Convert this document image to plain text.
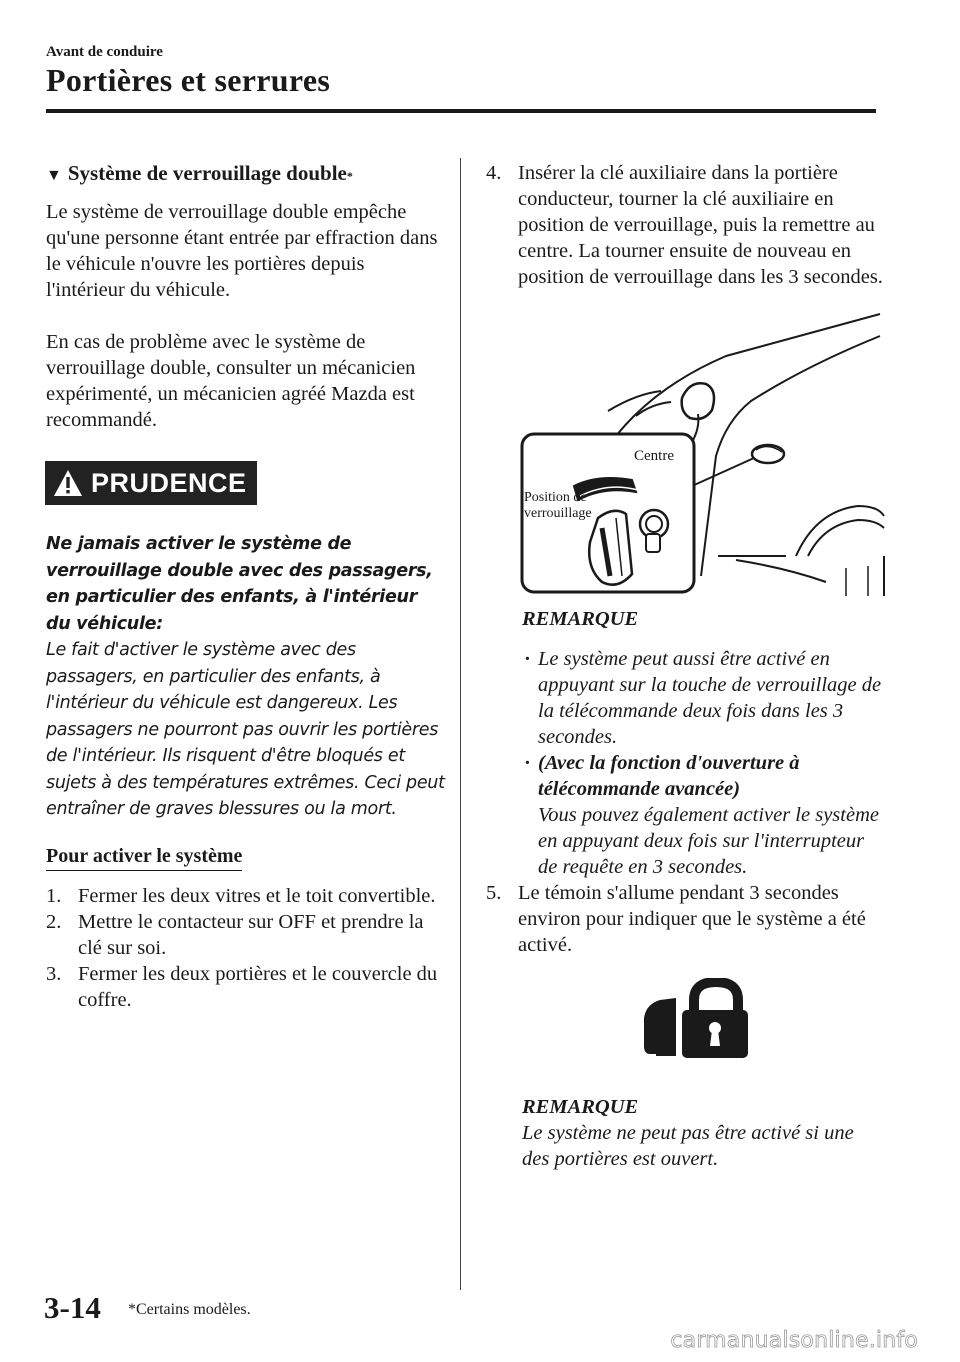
Avant de conduire
Portières et serrures
▼ Système de verrouillage double *

Le système de verrouillage double empêche qu'une personne étant entrée par effraction dans le véhicule n'ouvre les portières depuis l'intérieur du véhicule.

En cas de problème avec le système de verrouillage double, consulter un mécanicien expérimenté, un mécanicien agréé Mazda est recommandé.

PRUDENCE

Ne jamais activer le système de verrouillage double avec des passagers, en particulier des enfants, à l'intérieur du véhicule:

Le fait d'activer le système avec des passagers, en particulier des enfants, à l'intérieur du véhicule est dangereux. Les passagers ne pourront pas ouvrir les portières de l'intérieur. Ils risquent d'être bloqués et sujets à des températures extrêmes. Ceci peut entraîner de graves blessures ou la mort.

Pour activer le système
1. Fermer les deux vitres et le toit convertible.
2. Mettre le contacteur sur OFF et prendre la clé sur soi.
3. Fermer les deux portières et le couvercle du coffre.
4. Insérer la clé auxiliaire dans la portière conducteur, tourner la clé auxiliaire en position de verrouillage, puis la remettre au centre. La tourner ensuite de nouveau en position de verrouillage dans les 3 secondes.
Centre
Position de
verrouillage
REMARQUE
· Le système peut aussi être activé en appuyant sur la touche de verrouillage de la télécommande deux fois dans les 3 secondes.
· (Avec la fonction d'ouverture à télécommande avancée)
Vous pouvez également activer le système en appuyant deux fois sur l'interrupteur de requête en 3 secondes.
5. Le témoin s'allume pendant 3 secondes environ pour indiquer que le système a été activé.
REMARQUE

Le système ne peut pas être activé si une des portières est ouvert.

3-14 *Certains modèles.
carmanualsonline.info
